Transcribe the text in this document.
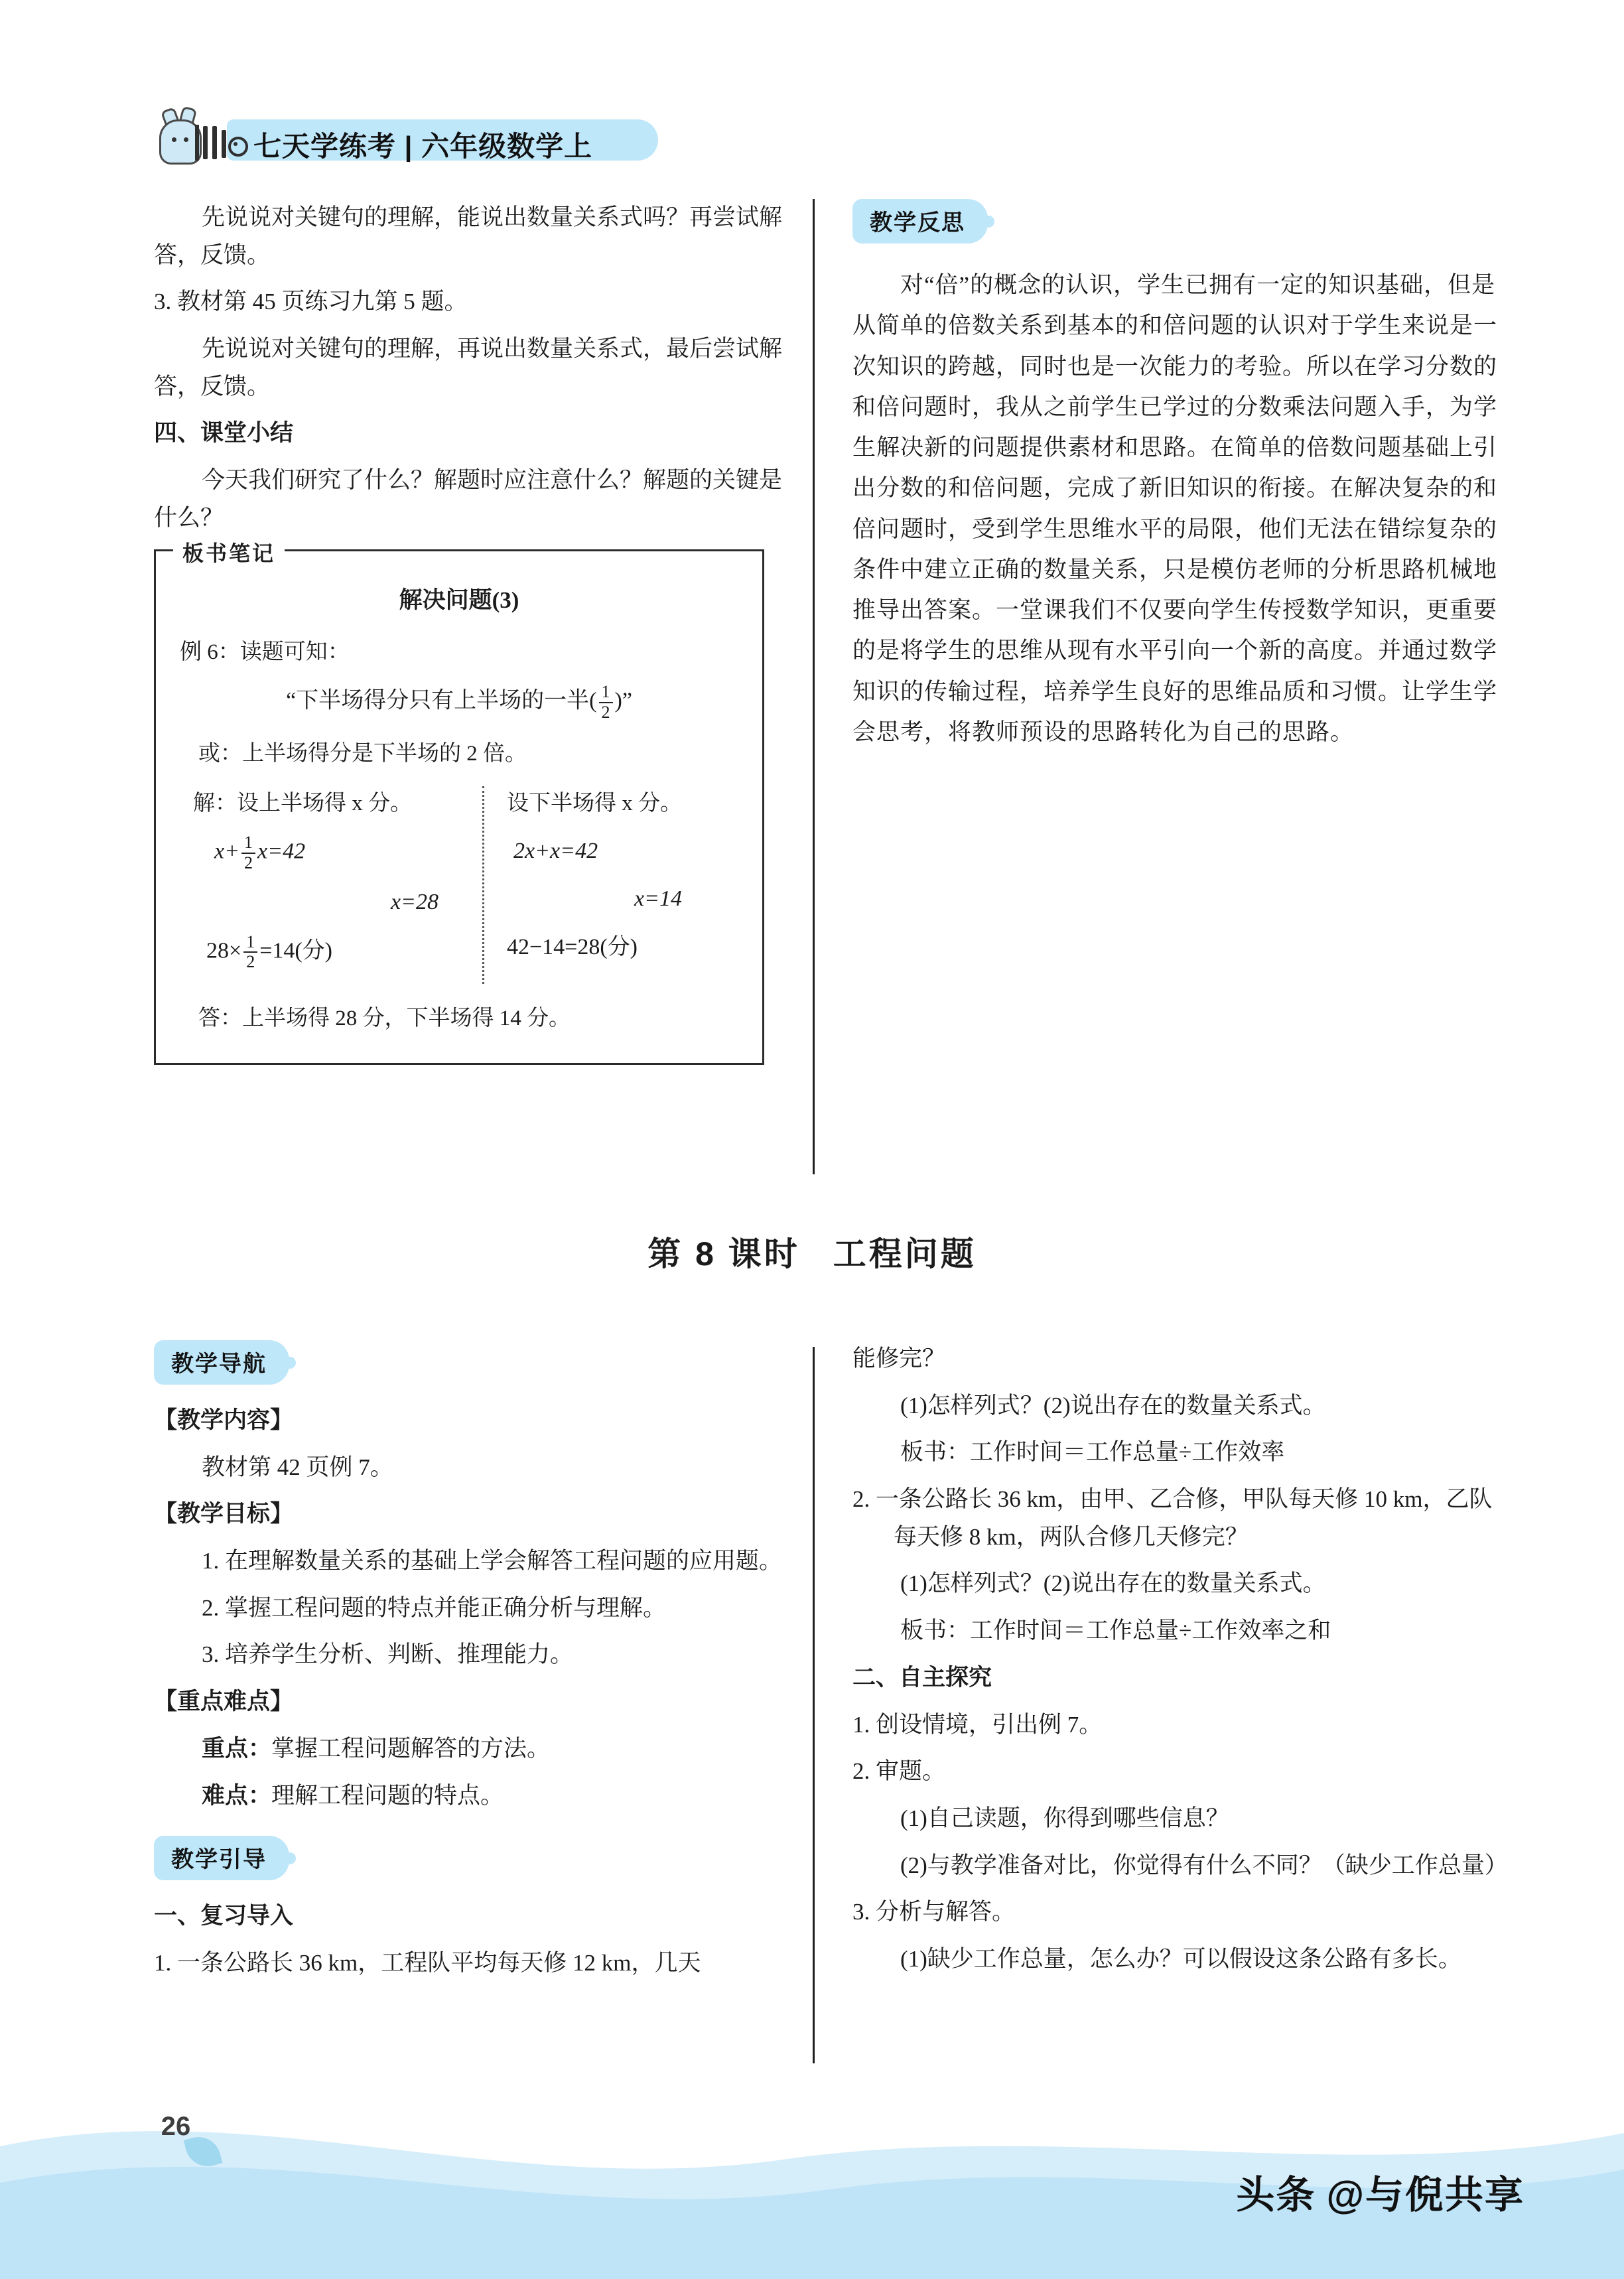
七天学练考 | 六年级数学上

先说说对关键句的理解，能说出数量关系式吗？再尝试解答，反馈。

3. 教材第 45 页练习九第 5 题。

先说说对关键句的理解，再说出数量关系式，最后尝试解答，反馈。

四、课堂小结

今天我们研究了什么？解题时应注意什么？解题的关键是什么？

板书笔记
解决问题(3)
例 6：读题可知：
“下半场得分只有上半场的一半( $\frac{1}{2}$ )”
或：上半场得分是下半场的 2 倍。
解：设上半场得 x 分。
$x+ \frac{1}{2} x=42$
x=28
$28\times \frac{1}{2} =14$(分)
设下半场得 x 分。
2x+x=42
x=14
42−14=28(分)
答：上半场得 28 分，下半场得 14 分。
教学反思

对“倍”的概念的认识，学生已拥有一定的知识基础，但是从简单的倍数关系到基本的和倍问题的认识对于学生来说是一次知识的跨越，同时也是一次能力的考验。所以在学习分数的和倍问题时，我从之前学生已学过的分数乘法问题入手，为学生解决新的问题提供素材和思路。在简单的倍数问题基础上引出分数的和倍问题，完成了新旧知识的衔接。在解决复杂的和倍问题时，受到学生思维水平的局限，他们无法在错综复杂的条件中建立正确的数量关系，只是模仿老师的分析思路机械地推导出答案。一堂课我们不仅要向学生传授数学知识，更重要的是将学生的思维从现有水平引向一个新的高度。并通过数学知识的传输过程，培养学生良好的思维品质和习惯。让学生学会思考，将教师预设的思路转化为自己的思路。

第 8 课时 工程问题
教学导航

【教学内容】

教材第 42 页例 7。

【教学目标】

1. 在理解数量关系的基础上学会解答工程问题的应用题。

2. 掌握工程问题的特点并能正确分析与理解。

3. 培养学生分析、判断、推理能力。

【重点难点】

重点：掌握工程问题解答的方法。

难点：理解工程问题的特点。

教学引导

一、复习导入

1. 一条公路长 36 km，工程队平均每天修 12 km，几天

能修完？

(1)怎样列式？(2)说出存在的数量关系式。

板书：工作时间＝工作总量÷工作效率

2. 一条公路长 36 km，由甲、乙合修，甲队每天修 10 km，乙队每天修 8 km，两队合修几天修完？

(1)怎样列式？(2)说出存在的数量关系式。

板书：工作时间＝工作总量÷工作效率之和

二、自主探究

1. 创设情境，引出例 7。

2. 审题。

(1)自己读题，你得到哪些信息？

(2)与教学准备对比，你觉得有什么不同？（缺少工作总量）

3. 分析与解答。

(1)缺少工作总量，怎么办？可以假设这条公路有多长。

26
头条 @与倪共享
